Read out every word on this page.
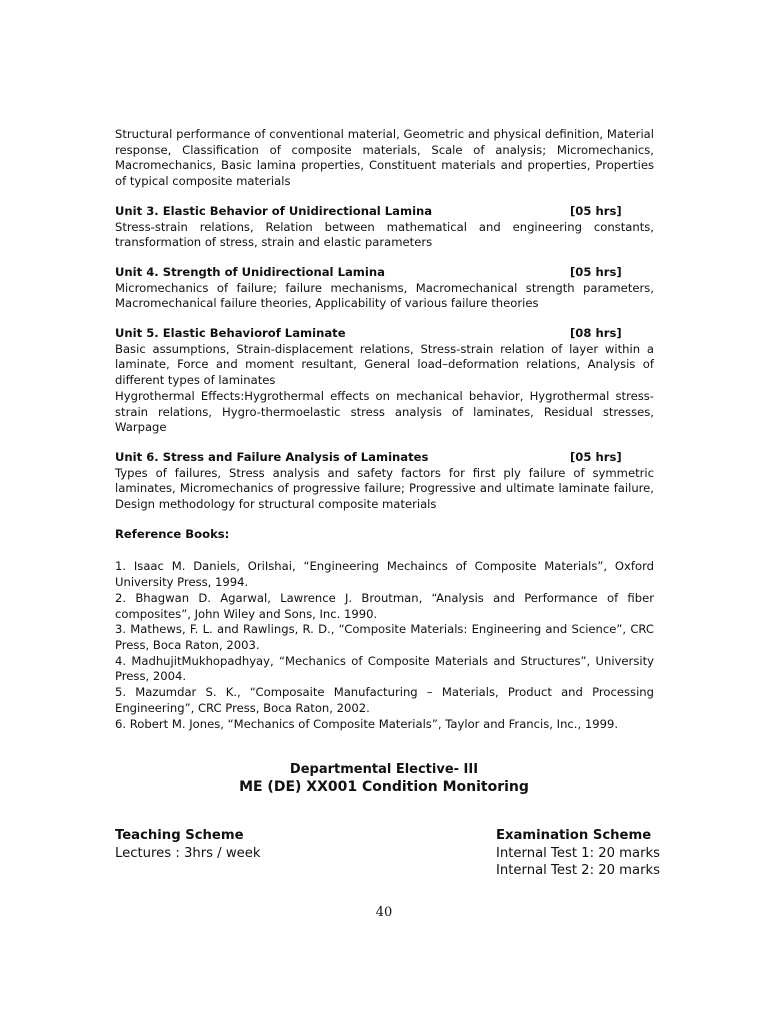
Structural performance of conventional material, Geometric and physical definition, Material response, Classification of composite materials, Scale of analysis; Micromechanics, Macromechanics, Basic lamina properties, Constituent materials and properties, Properties of typical composite materials
Unit 3. Elastic Behavior of Unidirectional Lamina	[05 hrs]
Stress-strain relations, Relation between mathematical and engineering constants, transformation of stress, strain and elastic parameters
Unit 4. Strength of Unidirectional Lamina	[05 hrs]
Micromechanics of failure; failure mechanisms, Macromechanical strength parameters, Macromechanical failure theories, Applicability of various failure theories
Unit 5. Elastic Behaviorof Laminate	[08 hrs]
Basic assumptions, Strain-displacement relations, Stress-strain relation of layer within a laminate, Force and moment resultant, General load–deformation relations, Analysis of different types of laminates
Hygrothermal Effects:Hygrothermal effects on mechanical behavior, Hygrothermal stress-strain relations, Hygro-thermoelastic stress analysis of laminates, Residual stresses, Warpage
Unit 6. Stress and Failure Analysis of Laminates	[05 hrs]
Types of failures, Stress analysis and safety factors for first ply failure of symmetric laminates, Micromechanics of progressive failure; Progressive and ultimate laminate failure, Design methodology for structural composite materials
Reference Books:
1. Isaac M. Daniels, OriIshai, “Engineering Mechaincs of Composite Materials”, Oxford University Press, 1994.
2. Bhagwan D. Agarwal, Lawrence J. Broutman, “Analysis and Performance of fiber composites”, John Wiley and Sons, Inc. 1990.
3. Mathews, F. L. and Rawlings, R. D., “Composite Materials: Engineering and Science”, CRC Press, Boca Raton, 2003.
4. MadhujitMukhopadhyay, “Mechanics of Composite Materials and Structures”, University Press, 2004.
5. Mazumdar S. K., “Composaite Manufacturing – Materials, Product and Processing Engineering”, CRC Press, Boca Raton, 2002.
6. Robert M. Jones, “Mechanics of Composite Materials”, Taylor and Francis, Inc., 1999.
Departmental Elective- III
ME (DE) XX001 Condition Monitoring
Teaching Scheme
Lectures : 3hrs / week
Examination Scheme
Internal Test 1: 20 marks
Internal Test 2: 20 marks
40
